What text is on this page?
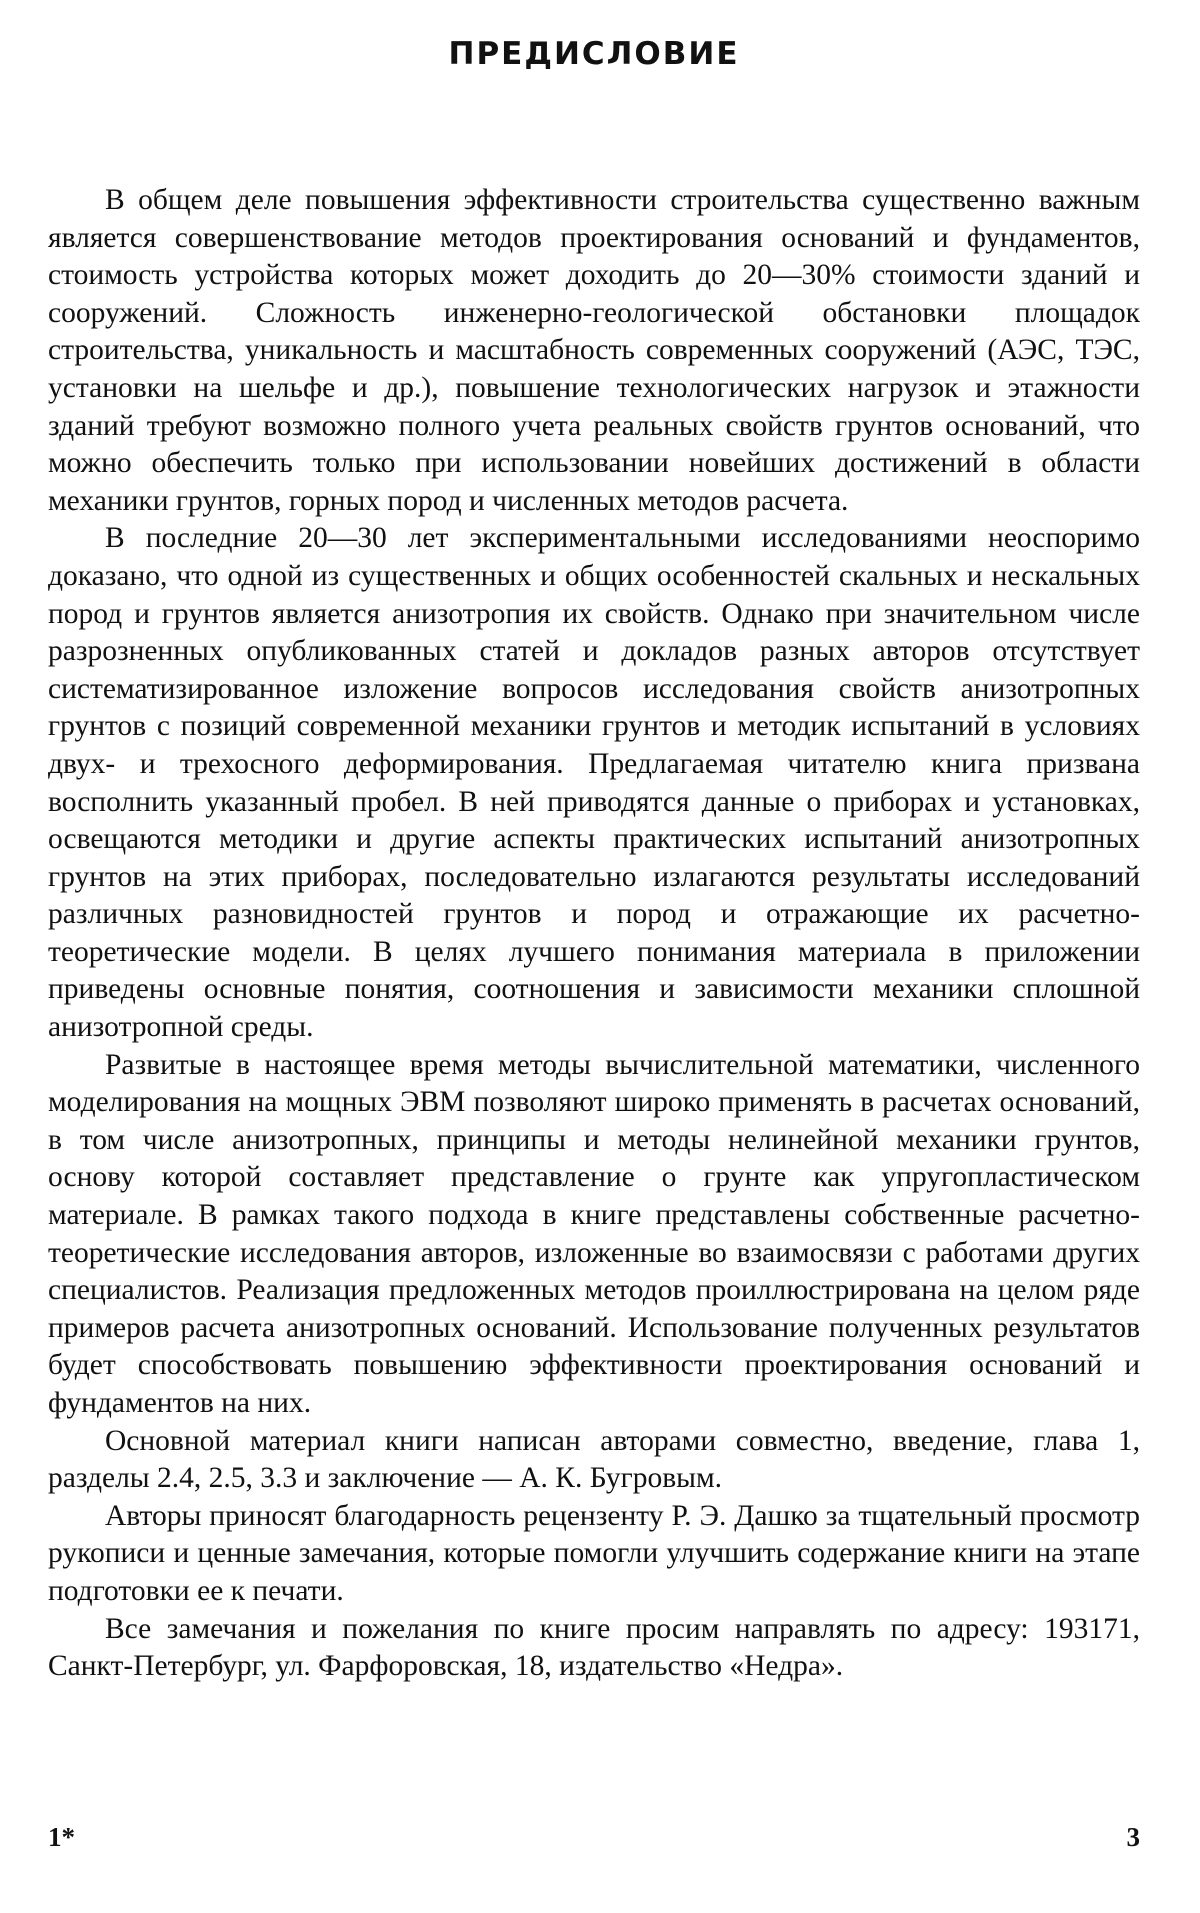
ПРЕДИСЛОВИЕ

В общем деле повышения эффективности строительства существенно важным является совершенствование методов проектирования оснований и фундаментов, стоимость устройства которых может доходить до 20—30% стоимости зданий и сооружений. Сложность инженерно-геологической обстановки площадок строительства, уникальность и масштабность современных сооружений (АЭС, ТЭС, установки на шельфе и др.), повышение технологических нагрузок и этажности зданий требуют возможно полного учета реальных свойств грунтов оснований, что можно обеспечить только при использовании новейших достижений в области механики грунтов, горных пород и численных методов расчета.

В последние 20—30 лет экспериментальными исследованиями неоспоримо доказано, что одной из существенных и общих особенностей скальных и нескальных пород и грунтов является анизотропия их свойств. Однако при значительном числе разрозненных опубликованных статей и докладов разных авторов отсутствует систематизированное изложение вопросов исследования свойств анизотропных грунтов с позиций современной механики грунтов и методик испытаний в условиях двух- и трехосного деформирования. Предлагаемая читателю книга призвана восполнить указанный пробел. В ней приводятся данные о приборах и установках, освещаются методики и другие аспекты практических испытаний анизотропных грунтов на этих приборах, последовательно излагаются результаты исследований различных разновидностей грунтов и пород и отражающие их расчетно-теоретические модели. В целях лучшего понимания материала в приложении приведены основные понятия, соотношения и зависимости механики сплошной анизотропной среды.

Развитые в настоящее время методы вычислительной математики, численного моделирования на мощных ЭВМ позволяют широко применять в расчетах оснований, в том числе анизотропных, принципы и методы нелинейной механики грунтов, основу которой составляет представление о грунте как упругопластическом материале. В рамках такого подхода в книге представлены собственные расчетно-теоретические исследования авторов, изложенные во взаимосвязи с работами других специалистов. Реализация предложенных методов проиллюстрирована на целом ряде примеров расчета анизотропных оснований. Использование полученных результатов будет способствовать повышению эффективности проектирования оснований и фундаментов на них.

Основной материал книги написан авторами совместно, введение, глава 1, разделы 2.4, 2.5, 3.3 и заключение — А. К. Бугровым.

Авторы приносят благодарность рецензенту Р. Э. Дашко за тщательный просмотр рукописи и ценные замечания, которые помогли улучшить содержание книги на этапе подготовки ее к печати.

Все замечания и пожелания по книге просим направлять по адресу: 193171, Санкт-Петербург, ул. Фарфоровская, 18, издательство «Недра».

1*	3
